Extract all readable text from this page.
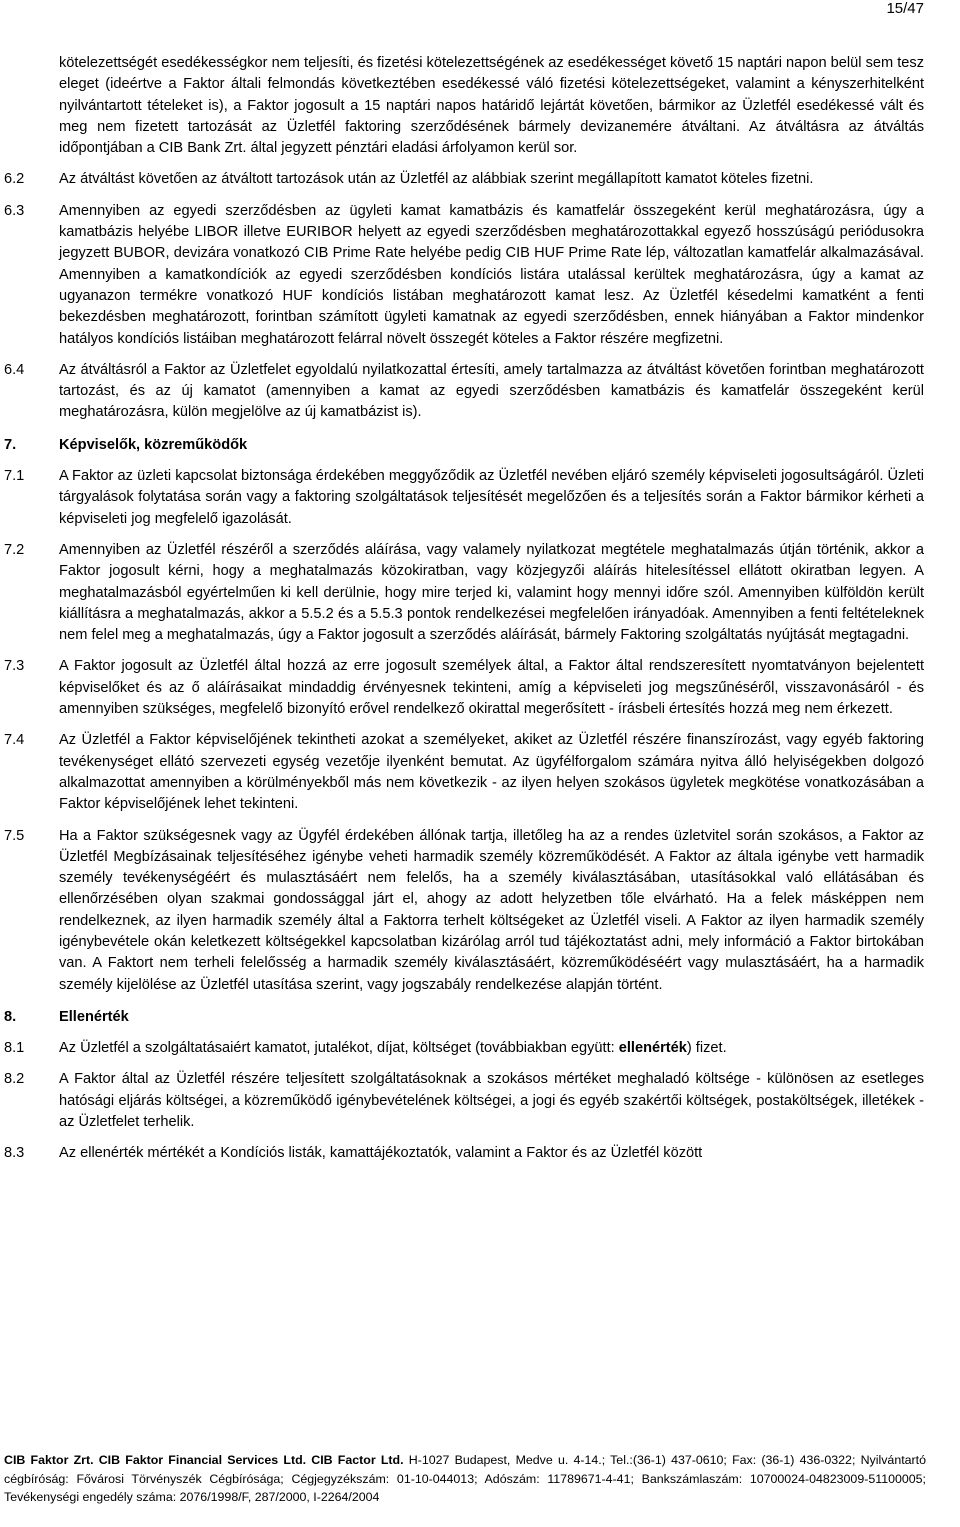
15/47
kötelezettségét esedékességkor nem teljesíti, és fizetési kötelezettségének az esedékességet követő 15 naptári napon belül sem tesz eleget (ideértve a Faktor általi felmondás következtében esedékessé váló fizetési kötelezettségeket, valamint a kényszerhitelként nyilvántartott tételeket is), a Faktor jogosult a 15 naptári napos határidő lejártát követően, bármikor az Üzletfél esedékessé vált és meg nem fizetett tartozását az Üzletfél faktoring szerződésének bármely devizanemére átváltani. Az átváltásra az átváltás időpontjában a CIB Bank Zrt. által jegyzett pénztári eladási árfolyamon kerül sor.
6.2	Az átváltást követően az átváltott tartozások után az Üzletfél az alábbiak szerint megállapított kamatot köteles fizetni.
6.3	Amennyiben az egyedi szerződésben az ügyleti kamat kamatbázis és kamatfelár összegeként kerül meghatározásra, úgy a kamatbázis helyébe LIBOR illetve EURIBOR helyett az egyedi szerződésben meghatározottakkal egyező hosszúságú periódusokra jegyzett BUBOR, devizára vonatkozó CIB Prime Rate helyébe pedig CIB HUF Prime Rate lép, változatlan kamatfelár alkalmazásával. Amennyiben a kamatkondíciók az egyedi szerződésben kondíciós listára utalással kerültek meghatározásra, úgy a kamat az ugyanazon termékre vonatkozó HUF kondíciós listában meghatározott kamat lesz. Az Üzletfél késedelmi kamatként a fenti bekezdésben meghatározott, forintban számított ügyleti kamatnak az egyedi szerződésben, ennek hiányában a Faktor mindenkor hatályos kondíciós listáiban meghatározott felárral növelt összegét köteles a Faktor részére megfizetni.
6.4	Az átváltásról a Faktor az Üzletfelet egyoldalú nyilatkozattal értesíti, amely tartalmazza az átváltást követően forintban meghatározott tartozást, és az új kamatot (amennyiben a kamat az egyedi szerződésben kamatbázis és kamatfelár összegeként kerül meghatározásra, külön megjelölve az új kamatbázist is).
7.	Képviselők, közreműködők
7.1	A Faktor az üzleti kapcsolat biztonsága érdekében meggyőződik az Üzletfél nevében eljáró személy képviseleti jogosultságáról. Üzleti tárgyalások folytatása során vagy a faktoring szolgáltatások teljesítését megelőzően és a teljesítés során a Faktor bármikor kérheti a képviseleti jog megfelelő igazolását.
7.2	Amennyiben az Üzletfél részéről a szerződés aláírása, vagy valamely nyilatkozat megtétele meghatalmazás útján történik, akkor a Faktor jogosult kérni, hogy a meghatalmazás közokiratban, vagy közjegyzői aláírás hitelesítéssel ellátott okiratban legyen. A meghatalmazásból egyértelműen ki kell derülnie, hogy mire terjed ki, valamint hogy mennyi időre szól. Amennyiben külföldön került kiállításra a meghatalmazás, akkor a 5.5.2 és a 5.5.3 pontok rendelkezései megfelelően irányadóak. Amennyiben a fenti feltételeknek nem felel meg a meghatalmazás, úgy a Faktor jogosult a szerződés aláírását, bármely Faktoring szolgáltatás nyújtását megtagadni.
7.3	A Faktor jogosult az Üzletfél által hozzá az erre jogosult személyek által, a Faktor által rendszeresített nyomtatványon bejelentett képviselőket és az ő aláírásaikat mindaddig érvényesnek tekinteni, amíg a képviseleti jog megszűnéséről, visszavonásáról - és amennyiben szükséges, megfelelő bizonyító erővel rendelkező okirattal megerősített - írásbeli értesítés hozzá meg nem érkezett.
7.4	Az Üzletfél a Faktor képviselőjének tekintheti azokat a személyeket, akiket az Üzletfél részére finanszírozást, vagy egyéb faktoring tevékenységet ellátó szervezeti egység vezetője ilyenként bemutat. Az ügyfélforgalom számára nyitva álló helyiségekben dolgozó alkalmazottat amennyiben a körülményekből más nem következik - az ilyen helyen szokásos ügyletek megkötése vonatkozásában a Faktor képviselőjének lehet tekinteni.
7.5	Ha a Faktor szükségesnek vagy az Ügyfél érdekében állónak tartja, illetőleg ha az a rendes üzletvitel során szokásos, a Faktor az Üzletfél Megbízásainak teljesítéséhez igénybe veheti harmadik személy közreműködését. A Faktor az általa igénybe vett harmadik személy tevékenységéért és mulasztásáért nem felelős, ha a személy kiválasztásában, utasításokkal való ellátásában és ellenőrzésében olyan szakmai gondossággal járt el, ahogy az adott helyzetben tőle elvárható. Ha a felek másképpen nem rendelkeznek, az ilyen harmadik személy által a Faktorra terhelt költségeket az Üzletfél viseli. A Faktor az ilyen harmadik személy igénybevétele okán keletkezett költségekkel kapcsolatban kizárólag arról tud tájékoztatást adni, mely információ a Faktor birtokában van. A Faktort nem terheli felelősség a harmadik személy kiválasztásáért, közreműködéséért vagy mulasztásáért, ha a harmadik személy kijelölése az Üzletfél utasítása szerint, vagy jogszabály rendelkezése alapján történt.
8.	Ellenérték
8.1	Az Üzletfél a szolgáltatásaiért kamatot, jutalékot, díjat, költséget (továbbiakban együtt: ellenérték) fizet.
8.2	A Faktor által az Üzletfél részére teljesített szolgáltatásoknak a szokásos mértéket meghaladó költsége - különösen az esetleges hatósági eljárás költségei, a közreműködő igénybevételének költségei, a jogi és egyéb szakértői költségek, postaköltségek, illetékek - az Üzletfelet terhelik.
8.3	Az ellenérték mértékét a Kondíciós listák, kamattájékoztatók, valamint a Faktor és az Üzletfél között
CIB Faktor Zrt. CIB Faktor Financial Services Ltd. CIB Factor Ltd. H-1027 Budapest, Medve u. 4-14.; Tel.:(36-1) 437-0610; Fax: (36-1) 436-0322; Nyilvántartó cégbíróság: Fővárosi Törvényszék Cégbírósága; Cégjegyzékszám: 01-10-044013; Adószám: 11789671-4-41; Bankszámlaszám: 10700024-04823009-51100005; Tevékenységi engedély száma: 2076/1998/F, 287/2000, I-2264/2004
